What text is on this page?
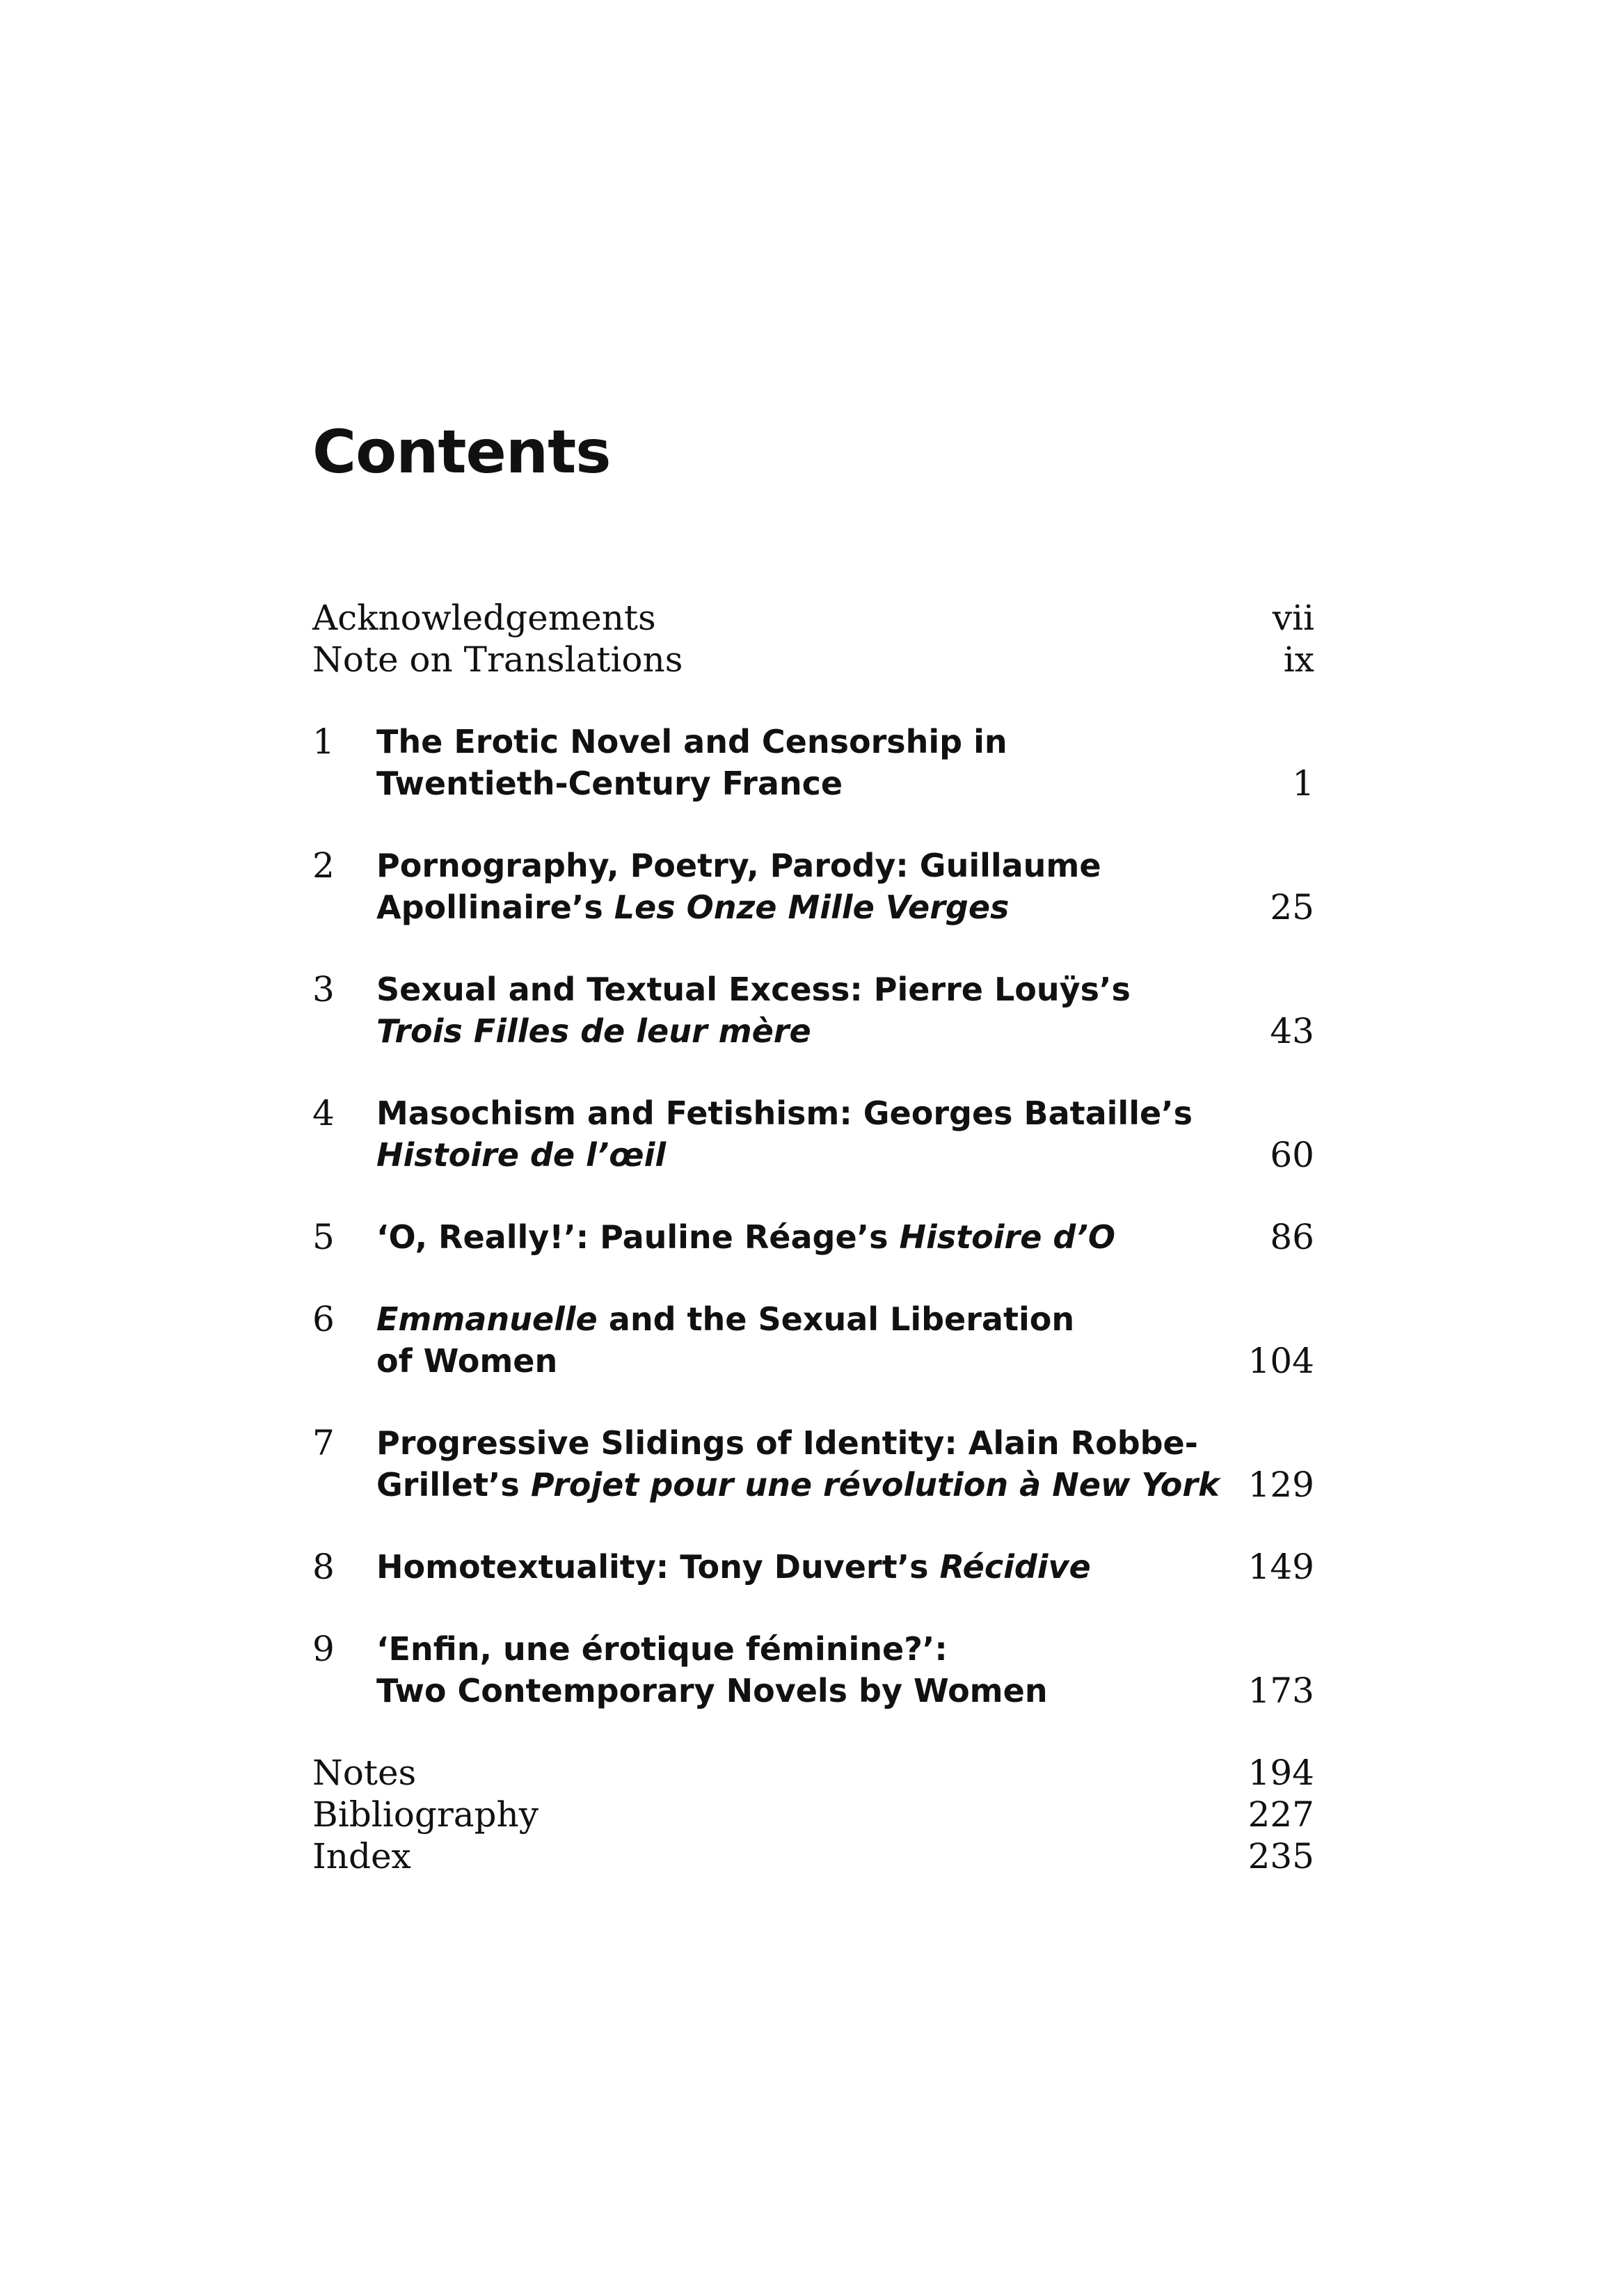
Contents
Acknowledgements	vii
Note on Translations	ix
1 The Erotic Novel and Censorship in
Twentieth-Century France	1
2 Pornography, Poetry, Parody: Guillaume
Apollinaire’s Les Onze Mille Verges	25
3 Sexual and Textual Excess: Pierre Louÿs’s
Trois Filles de leur mère	43
4 Masochism and Fetishism: Georges Bataille’s
Histoire de l’œil	60
5 ‘O, Really!’: Pauline Réage’s Histoire d’O	86
6 Emmanuelle and the Sexual Liberation
of Women	104
7 Progressive Slidings of Identity: Alain Robbe-
Grillet’s Projet pour une révolution à New York 129
8 Homotextuality: Tony Duvert’s Récidive	149
9 ‘Enfin, une érotique féminine?’:
Two Contemporary Novels by Women	173
Notes	194
Bibliography	227
Index	235
